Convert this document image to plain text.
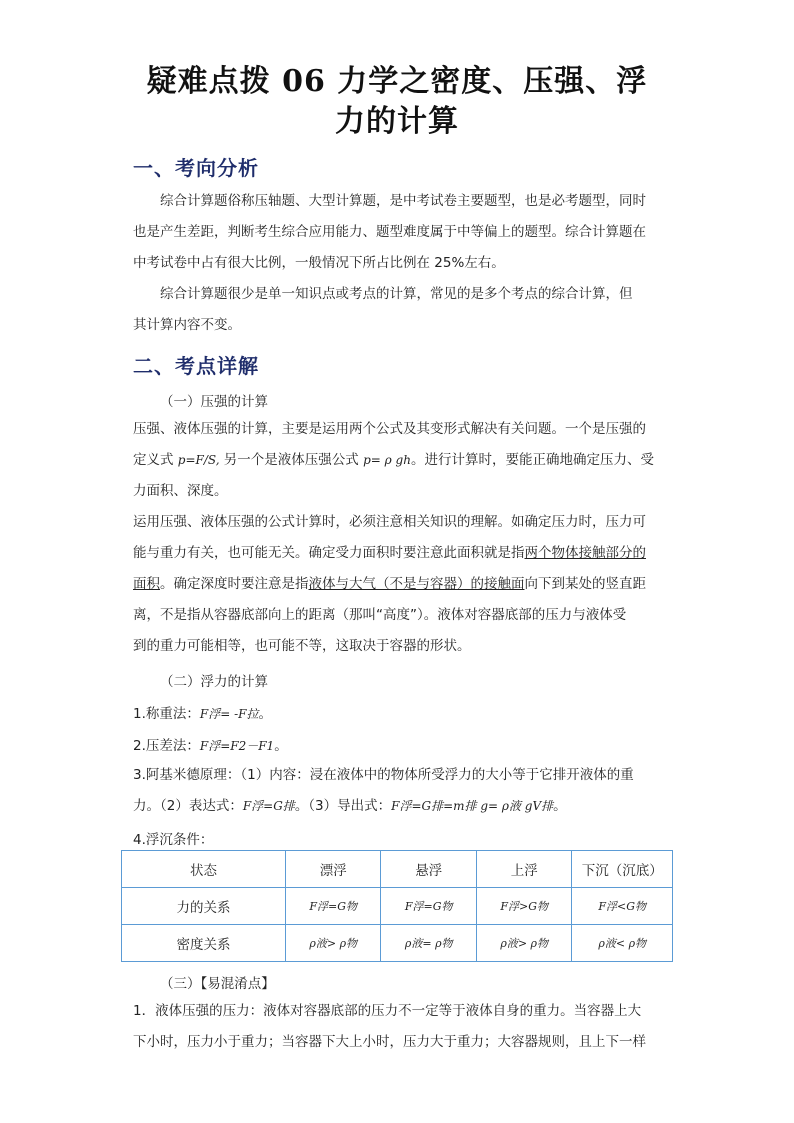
疑难点拨 06 力学之密度、压强、浮
力的计算
一、考向分析
综合计算题俗称压轴题、大型计算题，是中考试卷主要题型，也是必考题型，同时

也是产生差距，判断考生综合应用能力、题型难度属于中等偏上的题型。综合计算题在
中考试卷中占有很大比例，一般情况下所占比例在 25%左右。
综合计算题很少是单一知识点或考点的计算，常见的是多个考点的综合计算，但
其计算内容不变。
二、考点详解
（一）压强的计算
压强、液体压强的计算，主要是运用两个公式及其变形式解决有关问题。一个是压强的
定义式 p=F/S, 另一个是液体压强公式 p= ρ gh。进行计算时，要能正确地确定压力、受
力面积、深度。
运用压强、液体压强的公式计算时，必须注意相关知识的理解。如确定压力时，压力可
能与重力有关，也可能无关。确定受力面积时要注意此面积就是指两个物体接触部分的
面积。确定深度时要注意是指液体与大气（不是与容器）的接触面向下到某处的竖直距
离，不是指从容器底部向上的距离（那叫“高度”）。液体对容器底部的压力与液体受
到的重力可能相等，也可能不等，这取决于容器的形状。
（二）浮力的计算
1.称重法：F浮= -F拉。
2.压差法：F浮=F2－F1。
3.阿基米德原理：（1）内容：浸在液体中的物体所受浮力的大小等于它排开液体的重
力。（2）表达式：F浮=G排。（3）导出式：F浮=G排=m排 g= ρ液 gV排。
4.浮沉条件：
状态	漂浮	悬浮	上浮	下沉（沉底）
力的关系	F浮=G物	F浮=G物	F浮>G物	F浮<G物
密度关系	ρ液> ρ物	ρ液= ρ物	ρ液> ρ物	ρ液< ρ物
（三）【易混淆点】
1．液体压强的压力：液体对容器底部的压力不一定等于液体自身的重力。当容器上大
下小时，压力小于重力；当容器下大上小时，压力大于重力；大容器规则，且上下一样
